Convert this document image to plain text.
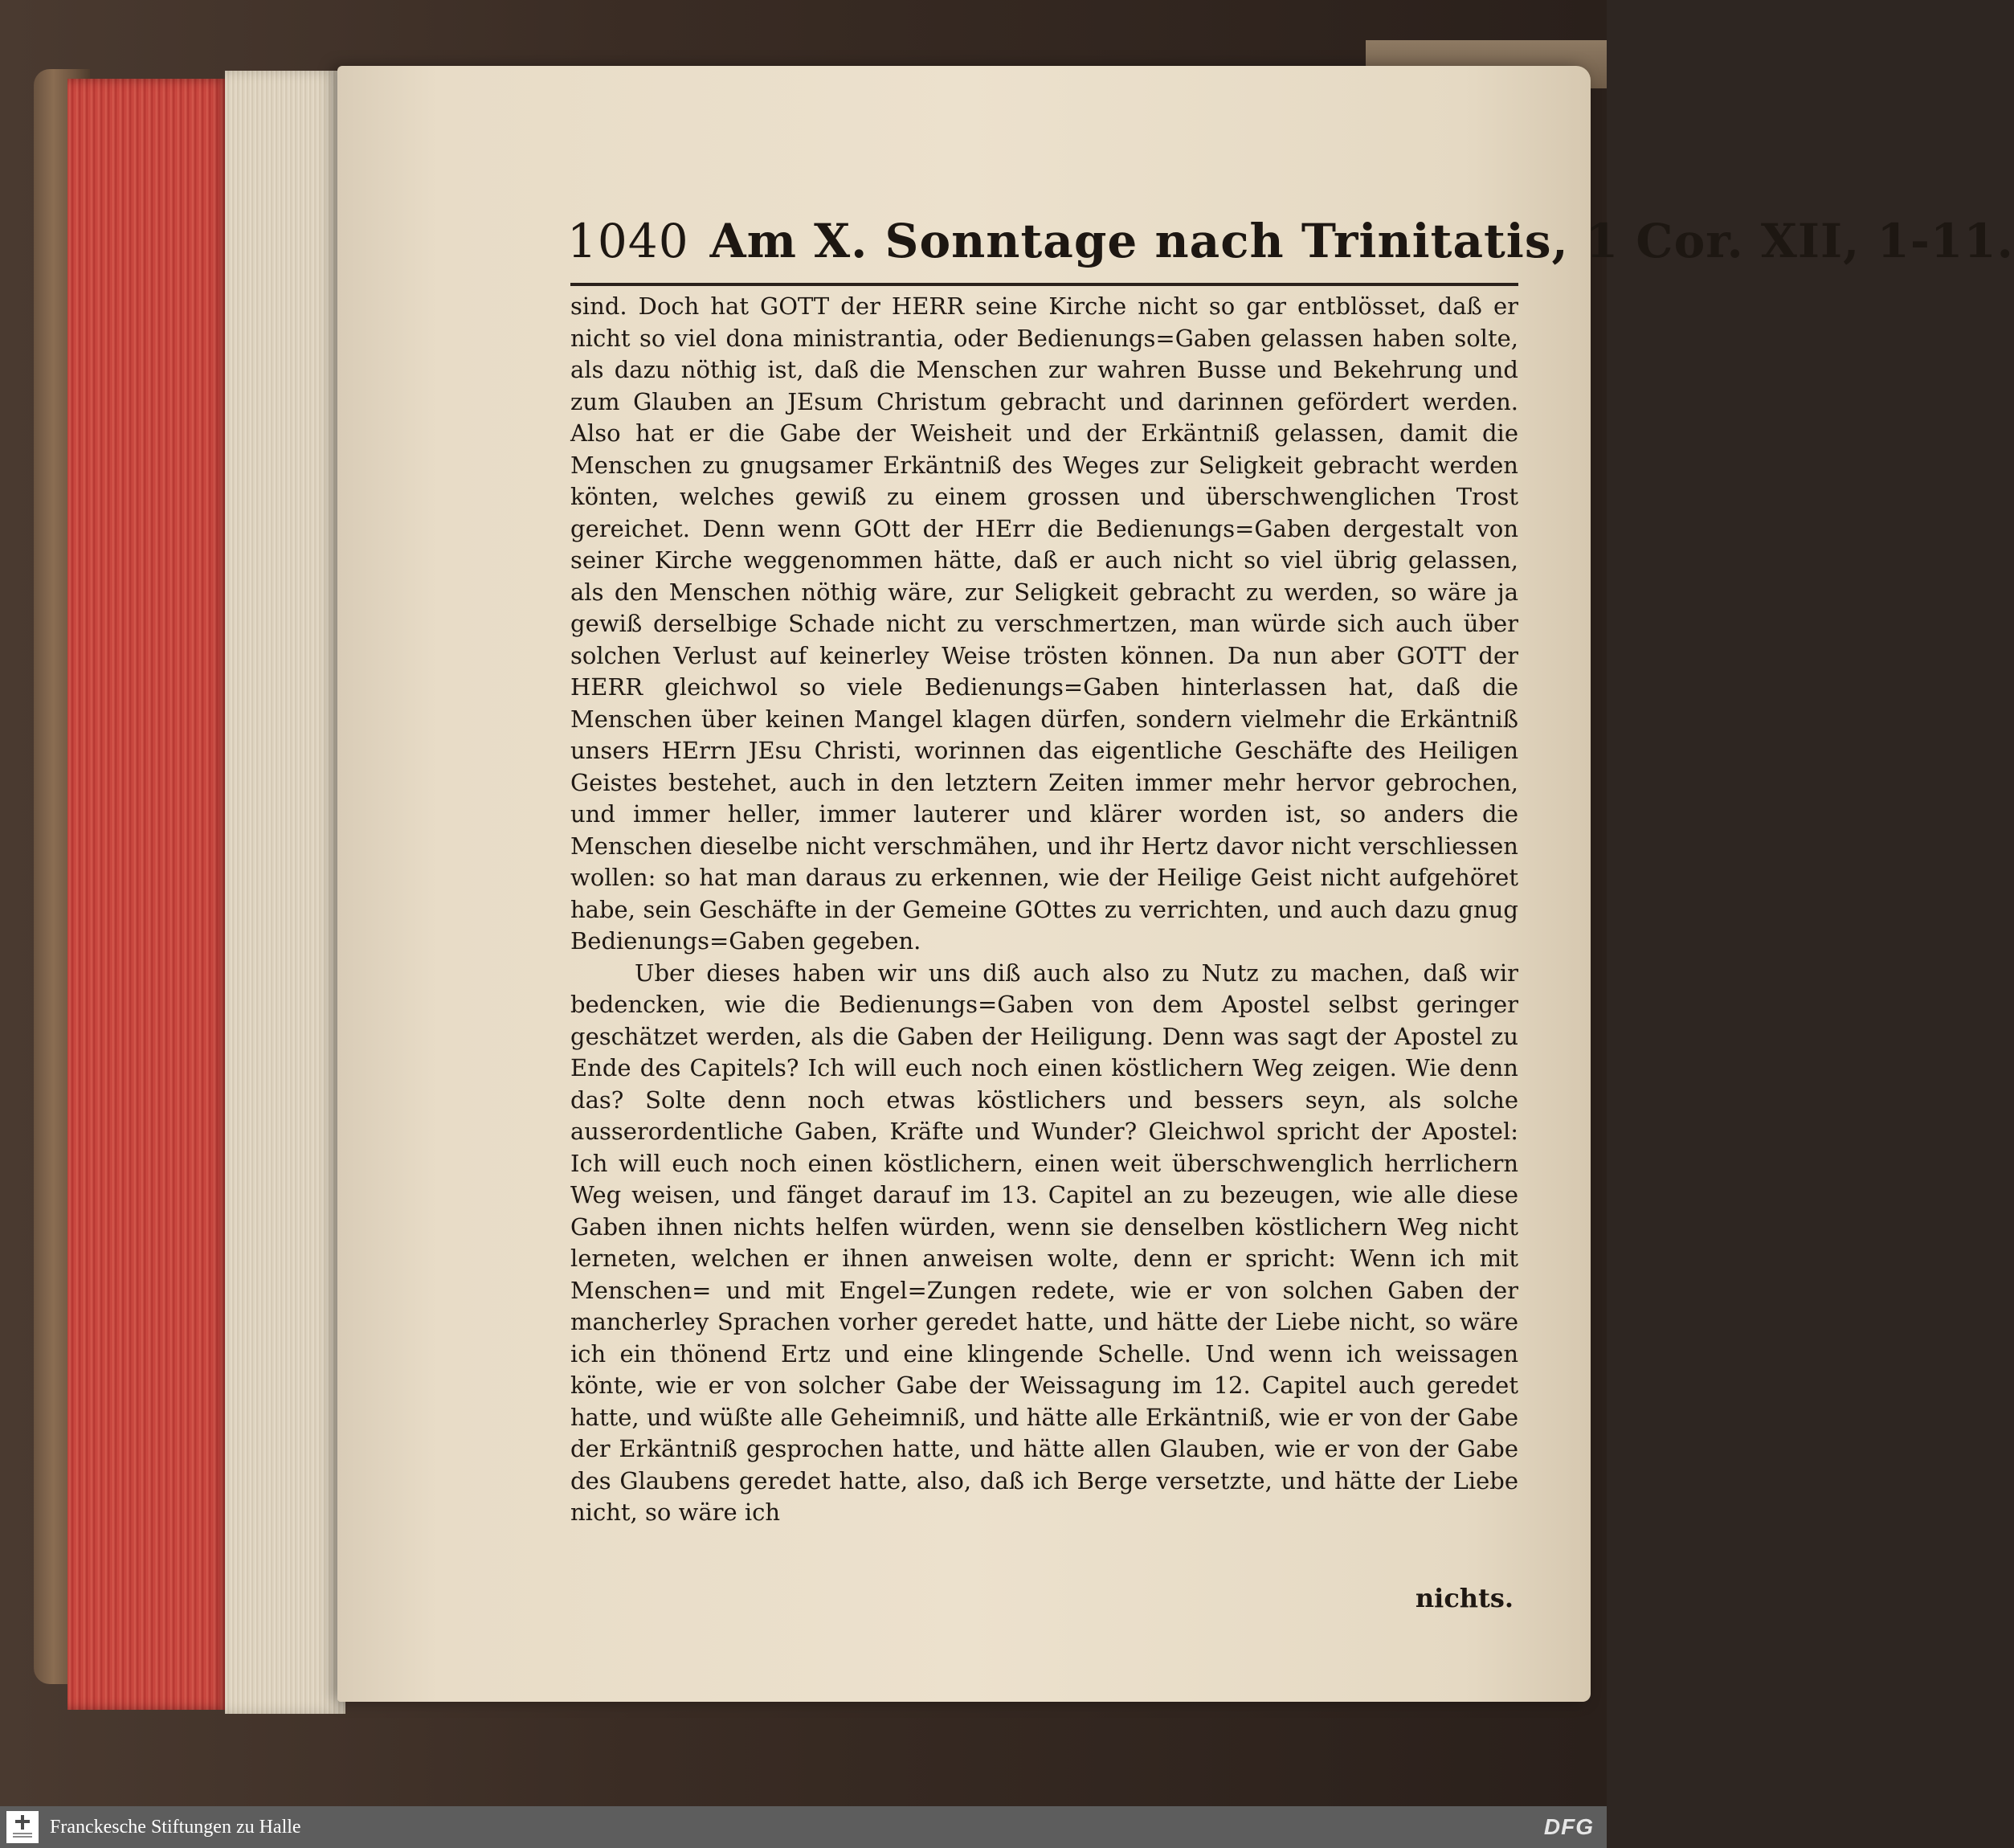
1040 Am X. Sonntage nach Trinitatis, 1 Cor. XII, 1-11.

sind. Doch hat GOTT der HERR seine Kirche nicht so gar entblösset, daß er nicht so viel dona ministrantia, oder Bedienungs=Gaben gelassen haben solte, als dazu nöthig ist, daß die Menschen zur wahren Busse und Bekehrung und zum Glauben an JEsum Christum gebracht und darinnen gefördert werden. Also hat er die Gabe der Weisheit und der Erkäntniß gelassen, damit die Menschen zu gnugsamer Erkäntniß des Weges zur Seligkeit gebracht werden könten, welches gewiß zu einem grossen und überschwenglichen Trost gereichet. Denn wenn GOtt der HErr die Bedienungs=Gaben dergestalt von seiner Kirche weggenommen hätte, daß er auch nicht so viel übrig gelassen, als den Menschen nöthig wäre, zur Seligkeit gebracht zu werden, so wäre ja gewiß derselbige Schade nicht zu verschmertzen, man würde sich auch über solchen Verlust auf keinerley Weise trösten können. Da nun aber GOTT der HERR gleichwol so viele Bedienungs=Gaben hinterlassen hat, daß die Menschen über keinen Mangel klagen dürfen, sondern vielmehr die Erkäntniß unsers HErrn JEsu Christi, worinnen das eigentliche Geschäfte des Heiligen Geistes bestehet, auch in den letztern Zeiten immer mehr hervor gebrochen, und immer heller, immer lauterer und klärer worden ist, so anders die Menschen dieselbe nicht verschmähen, und ihr Hertz davor nicht verschliessen wollen: so hat man daraus zu erkennen, wie der Heilige Geist nicht aufgehöret habe, sein Geschäfte in der Gemeine GOttes zu verrichten, und auch dazu gnug Bedienungs=Gaben gegeben.

Uber dieses haben wir uns diß auch also zu Nutz zu machen, daß wir bedencken, wie die Bedienungs=Gaben von dem Apostel selbst geringer geschätzet werden, als die Gaben der Heiligung. Denn was sagt der Apostel zu Ende des Capitels? Ich will euch noch einen köstlichern Weg zeigen. Wie denn das? Solte denn noch etwas köstlichers und bessers seyn, als solche ausserordentliche Gaben, Kräfte und Wunder? Gleichwol spricht der Apostel: Ich will euch noch einen köstlichern, einen weit überschwenglich herrlichern Weg weisen, und fänget darauf im 13. Capitel an zu bezeugen, wie alle diese Gaben ihnen nichts helfen würden, wenn sie denselben köstlichern Weg nicht lerneten, welchen er ihnen anweisen wolte, denn er spricht: Wenn ich mit Menschen= und mit Engel=Zungen redete, wie er von solchen Gaben der mancherley Sprachen vorher geredet hatte, und hätte der Liebe nicht, so wäre ich ein thönend Ertz und eine klingende Schelle. Und wenn ich weissagen könte, wie er von solcher Gabe der Weissagung im 12. Capitel auch geredet hatte, und wüßte alle Geheimniß, und hätte alle Erkäntniß, wie er von der Gabe der Erkäntniß gesprochen hatte, und hätte allen Glauben, wie er von der Gabe des Glaubens geredet hatte, also, daß ich Berge versetzte, und hätte der Liebe nicht, so wäre ich

nichts.
Franckesche Stiftungen zu Halle	DFG
